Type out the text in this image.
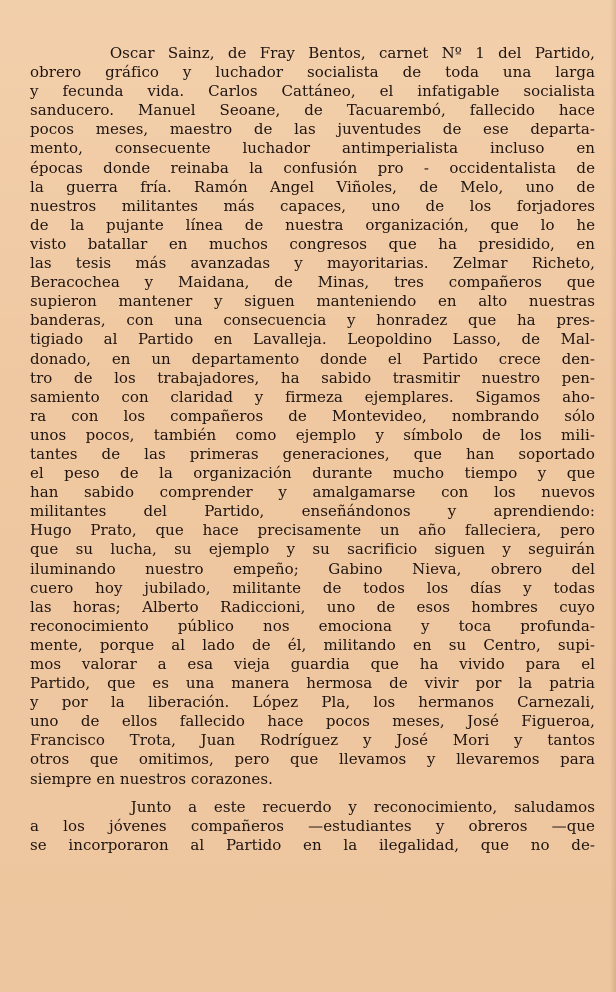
Oscar Sainz, de Fray Bentos, carnet Nº 1 del Partido,
obrero gráfico y luchador socialista de toda una larga
y fecunda vida. Carlos Cattáneo, el infatigable socialista
sanducero. Manuel Seoane, de Tacuarembó, fallecido hace
pocos meses, maestro de las juventudes de ese departa-
mento, consecuente luchador antimperialista incluso en
épocas donde reinaba la confusión pro - occidentalista de
la guerra fría. Ramón Angel Viñoles, de Melo, uno de
nuestros militantes más capaces, uno de los forjadores
de la pujante línea de nuestra organización, que lo he
visto batallar en muchos congresos que ha presidido, en
las tesis más avanzadas y mayoritarias. Zelmar Richeto,
Beracochea y Maidana, de Minas, tres compañeros que
supieron mantener y siguen manteniendo en alto nuestras
banderas, con una consecuencia y honradez que ha pres-
tigiado al Partido en Lavalleja. Leopoldino Lasso, de Mal-
donado, en un departamento donde el Partido crece den-
tro de los trabajadores, ha sabido trasmitir nuestro pen-
samiento con claridad y firmeza ejemplares. Sigamos aho-
ra con los compañeros de Montevideo, nombrando sólo
unos pocos, también como ejemplo y símbolo de los mili-
tantes de las primeras generaciones, que han soportado
el peso de la organización durante mucho tiempo y que
han sabido comprender y amalgamarse con los nuevos
militantes del Partido, enseñándonos y aprendiendo:
Hugo Prato, que hace precisamente un año falleciera, pero
que su lucha, su ejemplo y su sacrificio siguen y seguirán
iluminando nuestro empeño; Gabino Nieva, obrero del
cuero hoy jubilado, militante de todos los días y todas
las horas; Alberto Radiccioni, uno de esos hombres cuyo
reconocimiento público nos emociona y toca profunda-
mente, porque al lado de él, militando en su Centro, supi-
mos valorar a esa vieja guardia que ha vivido para el
Partido, que es una manera hermosa de vivir por la patria
y por la liberación. López Pla, los hermanos Carnezali,
uno de ellos fallecido hace pocos meses, José Figueroa,
Francisco Trota, Juan Rodríguez y José Mori y tantos
otros que omitimos, pero que llevamos y llevaremos para
siempre en nuestros corazones.
Junto a este recuerdo y reconocimiento, saludamos
a los jóvenes compañeros —estudiantes y obreros —que
se incorporaron al Partido en la ilegalidad, que no de-
